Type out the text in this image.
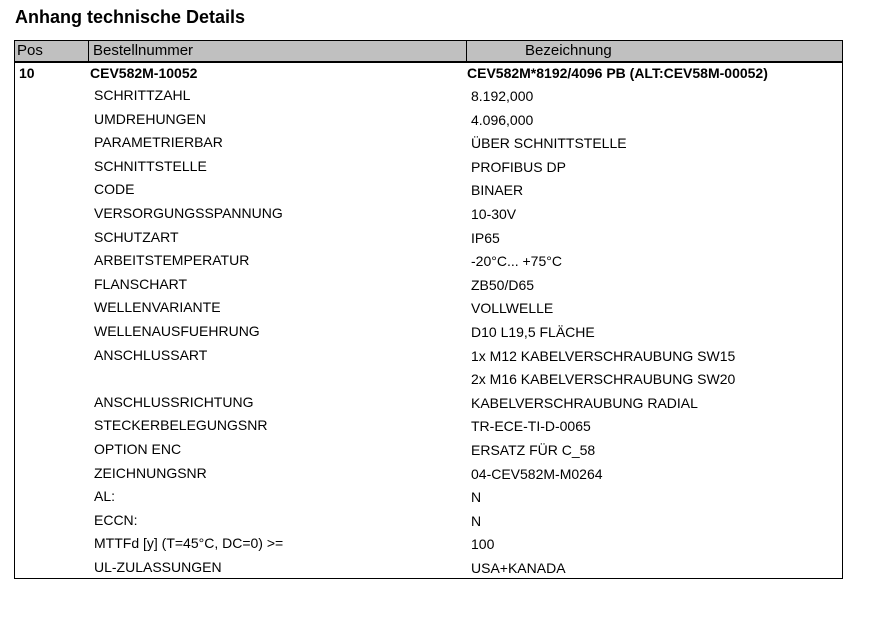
Anhang technische Details
Pos	Bestellnummer	Bezeichnung
10	CEV582M-10052	CEV582M*8192/4096 PB (ALT:CEV58M-00052)
SCHRITTZAHL	8.192,000
UMDREHUNGEN	4.096,000
PARAMETRIERBAR	ÜBER SCHNITTSTELLE
SCHNITTSTELLE	PROFIBUS DP
CODE	BINAER
VERSORGUNGSSPANNUNG	10-30V
SCHUTZART	IP65
ARBEITSTEMPERATUR	-20°C... +75°C
FLANSCHART	ZB50/D65
WELLENVARIANTE	VOLLWELLE
WELLENAUSFUEHRUNG	D10 L19,5 FLÄCHE
ANSCHLUSSART	1x M12 KABELVERSCHRAUBUNG SW15
2x M16 KABELVERSCHRAUBUNG SW20
ANSCHLUSSRICHTUNG	KABELVERSCHRAUBUNG RADIAL
STECKERBELEGUNGSNR	TR-ECE-TI-D-0065
OPTION ENC	ERSATZ FÜR C_58
ZEICHNUNGSNR	04-CEV582M-M0264
AL:	N
ECCN:	N
MTTFd [y] (T=45°C, DC=0) >=	100
UL-ZULASSUNGEN	USA+KANADA
